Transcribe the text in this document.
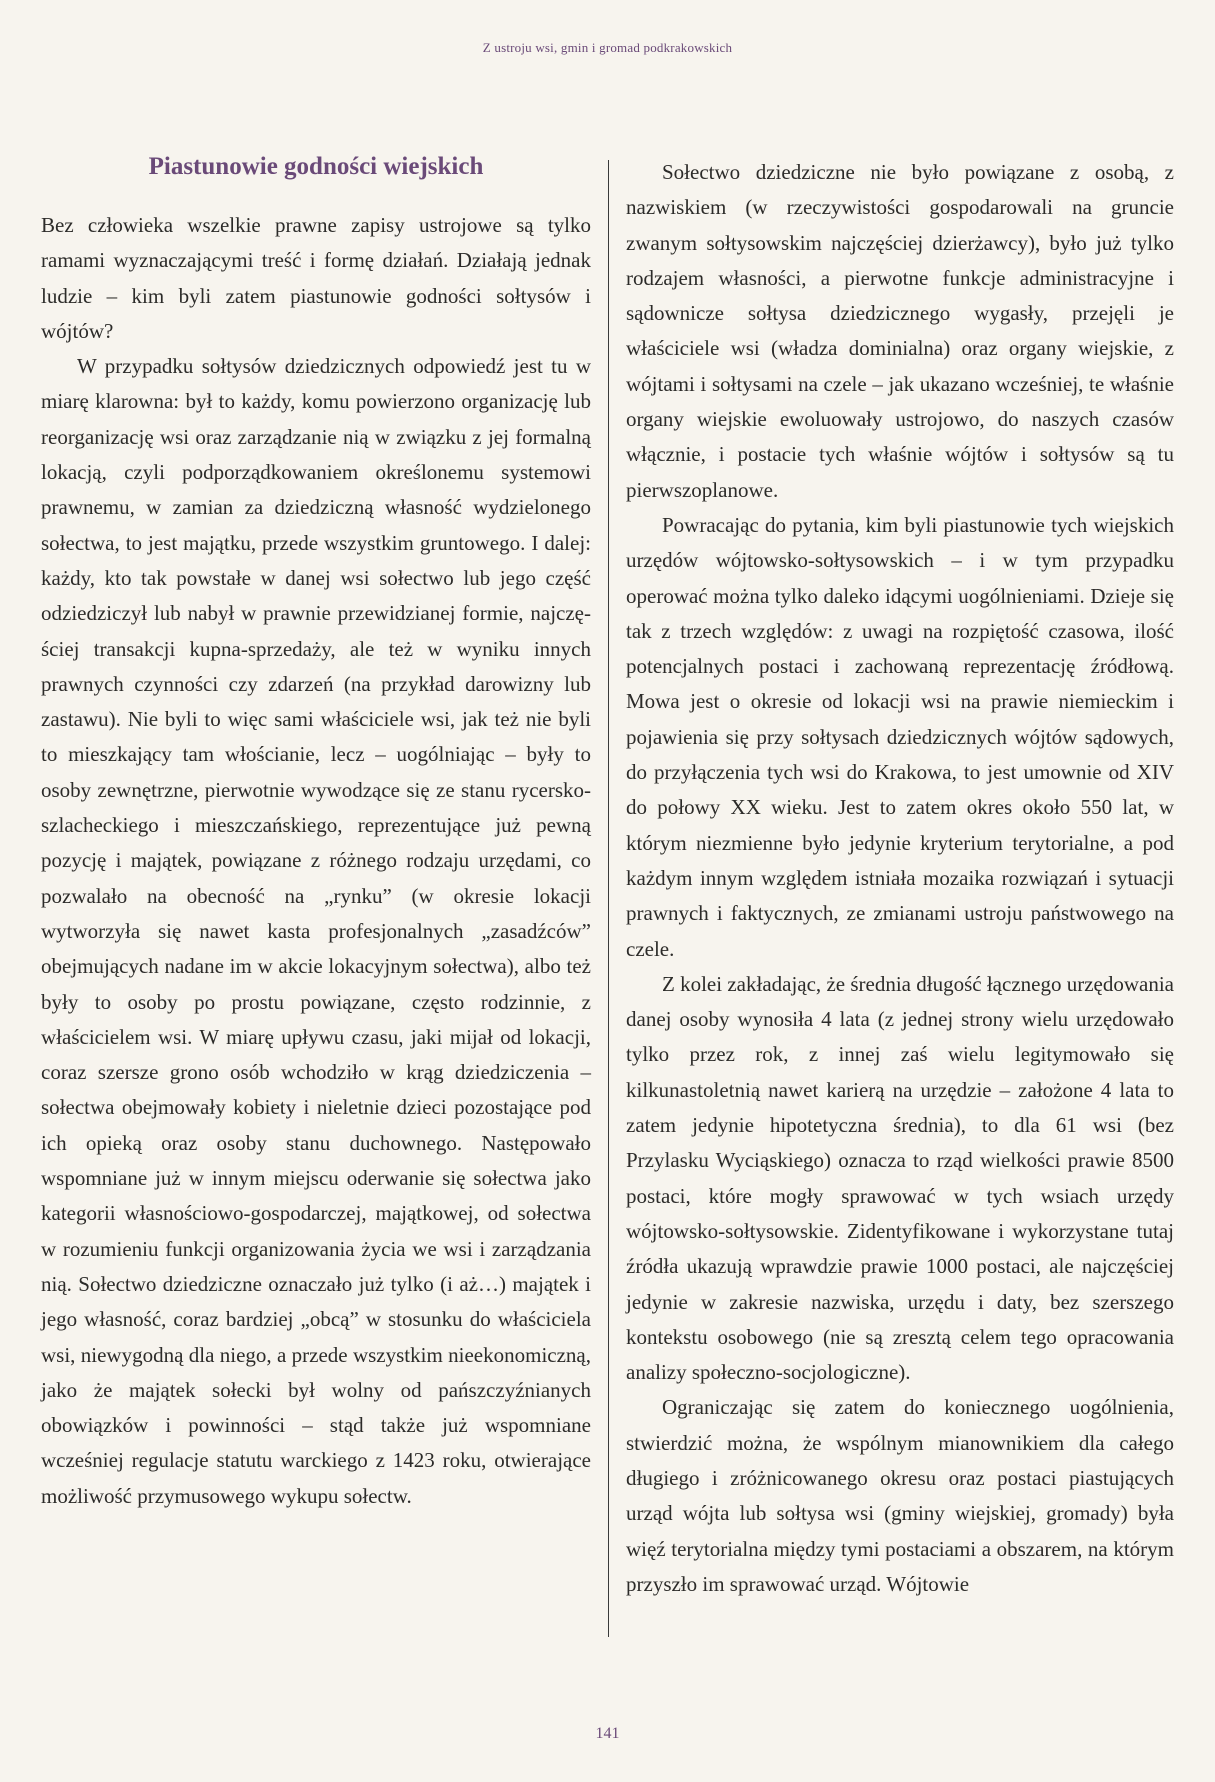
Z ustroju wsi, gmin i gromad podkrakowskich
Piastunowie godności wiejskich

Bez człowieka wszelkie prawne zapisy ustrojowe są tylko ramami wyznaczającymi treść i formę działań. Działają jednak ludzie – kim byli zatem piastunowie godności sołtysów i wójtów?

W przypadku sołtysów dziedzicznych odpowiedź jest tu w miarę klarowna: był to każdy, komu powierzono organizację lub reorganizację wsi oraz zarządzanie nią w związku z jej formalną lokacją, czyli podporządkowaniem określonemu systemowi prawnemu, w zamian za dziedziczną własność wydzielonego sołectwa, to jest majątku, przede wszystkim gruntowego. I dalej: każdy, kto tak powstałe w danej wsi sołectwo lub jego część odziedziczył lub nabył w prawnie przewidzianej formie, najczęściej transakcji kupna-sprzedaży, ale też w wyniku innych prawnych czynności czy zdarzeń (na przykład darowizny lub zastawu). Nie byli to więc sami właściciele wsi, jak też nie byli to mieszkający tam włościanie, lecz – uogólniając – były to osoby zewnętrzne, pierwotnie wywodzące się ze stanu rycersko-szlacheckiego i mieszczańskiego, reprezentujące już pewną pozycję i majątek, powiązane z różnego rodzaju urzędami, co pozwalało na obecność na „rynku” (w okresie lokacji wytworzyła się nawet kasta profesjonalnych „zasadźców” obejmujących nadane im w akcie lokacyjnym sołectwa), albo też były to osoby po prostu powiązane, często rodzinnie, z właścicielem wsi. W miarę upływu czasu, jaki mijał od lokacji, coraz szersze grono osób wchodziło w krąg dziedziczenia – sołectwa obejmowały kobiety i nieletnie dzieci pozostające pod ich opieką oraz osoby stanu duchownego. Następowało wspomniane już w innym miejscu oderwanie się sołectwa jako kategorii własnościowo-gospodarczej, majątkowej, od sołectwa w rozumieniu funkcji organizowania życia we wsi i zarządzania nią. Sołectwo dziedziczne oznaczało już tylko (i aż…) majątek i jego własność, coraz bardziej „obcą” w stosunku do właściciela wsi, niewygodną dla niego, a przede wszystkim nieekonomiczną, jako że majątek sołecki był wolny od pańszczyźnianych obowiązków i powinności – stąd także już wspomniane wcześniej regulacje statutu warckiego z 1423 roku, otwierające możliwość przymusowego wykupu sołectw.

Sołectwo dziedziczne nie było powiązane z osobą, z nazwiskiem (w rzeczywistości gospodarowali na gruncie zwanym sołtysowskim najczęściej dzierżawcy), było już tylko rodzajem własności, a pierwotne funkcje administracyjne i sądownicze sołtysa dziedzicznego wygasły, przejęli je właściciele wsi (władza dominialna) oraz organy wiejskie, z wójtami i sołtysami na czele – jak ukazano wcześniej, te właśnie organy wiejskie ewoluowały ustrojowo, do naszych czasów włącznie, i postacie tych właśnie wójtów i sołtysów są tu pierwszoplanowe.

Powracając do pytania, kim byli piastunowie tych wiejskich urzędów wójtowsko-sołtysowskich – i w tym przypadku operować można tylko daleko idącymi uogólnieniami. Dzieje się tak z trzech względów: z uwagi na rozpiętość czasowa, ilość potencjalnych postaci i zachowaną reprezentację źródłową. Mowa jest o okresie od lokacji wsi na prawie niemieckim i pojawienia się przy sołtysach dziedzicznych wójtów sądowych, do przyłączenia tych wsi do Krakowa, to jest umownie od XIV do połowy XX wieku. Jest to zatem okres około 550 lat, w którym niezmienne było jedynie kryterium terytorialne, a pod każdym innym względem istniała mozaika rozwiązań i sytuacji prawnych i faktycznych, ze zmianami ustroju państwowego na czele.

Z kolei zakładając, że średnia długość łącznego urzędowania danej osoby wynosiła 4 lata (z jednej strony wielu urzędowało tylko przez rok, z innej zaś wielu legitymowało się kilkunastoletnią nawet karierą na urzędzie – założone 4 lata to zatem jedynie hipotetyczna średnia), to dla 61 wsi (bez Przylasku Wyciąskiego) oznacza to rząd wielkości prawie 8500 postaci, które mogły sprawować w tych wsiach urzędy wójtowsko-sołtysowskie. Zidentyfikowane i wykorzystane tutaj źródła ukazują wprawdzie prawie 1000 postaci, ale najczęściej jedynie w zakresie nazwiska, urzędu i daty, bez szerszego kontekstu osobowego (nie są zresztą celem tego opracowania analizy społeczno-socjologiczne).

Ograniczając się zatem do koniecznego uogólnienia, stwierdzić można, że wspólnym mianownikiem dla całego długiego i zróżnicowanego okresu oraz postaci piastujących urząd wójta lub sołtysa wsi (gminy wiejskiej, gromady) była więź terytorialna między tymi postaciami a obszarem, na którym przyszło im sprawować urząd. Wójtowie

141
